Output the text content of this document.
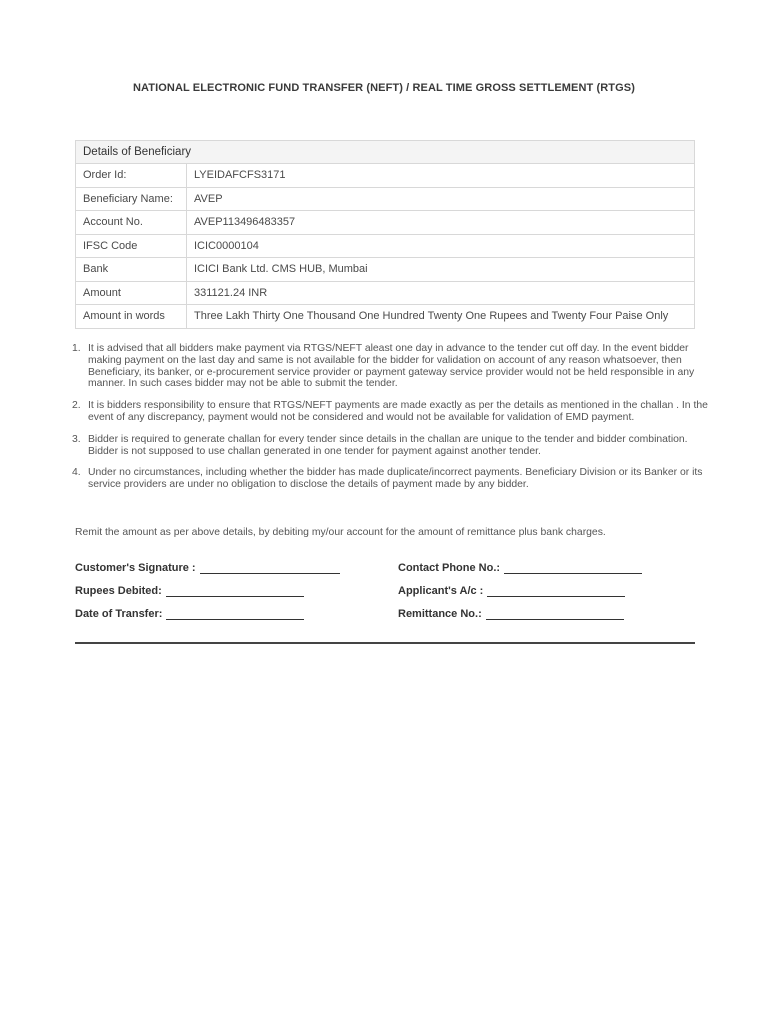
NATIONAL ELECTRONIC FUND TRANSFER (NEFT) / REAL TIME GROSS SETTLEMENT (RTGS)
Details of Beneficiary	
Order Id:	LYEIDAFCFS3171
Beneficiary Name:	AVEP
Account No.	AVEP113496483357
IFSC Code	ICIC0000104
Bank	ICICI Bank Ltd. CMS HUB, Mumbai
Amount	331121.24 INR
Amount in words	Three Lakh Thirty One Thousand One Hundred Twenty One Rupees and Twenty Four Paise Only
1. It is advised that all bidders make payment via RTGS/NEFT aleast one day in advance to the tender cut off day. In the event bidder making payment on the last day and same is not available for the bidder for validation on account of any reason whatsoever, then Beneficiary, its banker, or e-procurement service provider or payment gateway service provider would not be held responsible in any manner. In such cases bidder may not be able to submit the tender.
2. It is bidders responsibility to ensure that RTGS/NEFT payments are made exactly as per the details as mentioned in the challan . In the event of any discrepancy, payment would not be considered and would not be available for validation of EMD payment.
3. Bidder is required to generate challan for every tender since details in the challan are unique to the tender and bidder combination. Bidder is not supposed to use challan generated in one tender for payment against another tender.
4. Under no circumstances, including whether the bidder has made duplicate/incorrect payments. Beneficiary Division or its Banker or its service providers are under no obligation to disclose the details of payment made by any bidder.
Remit the amount as per above details, by debiting my/our account for the amount of remittance plus bank charges.
Customer's Signature :	Contact Phone No.:
Rupees Debited:	Applicant's A/c :
Date of Transfer:	Remittance No.:
